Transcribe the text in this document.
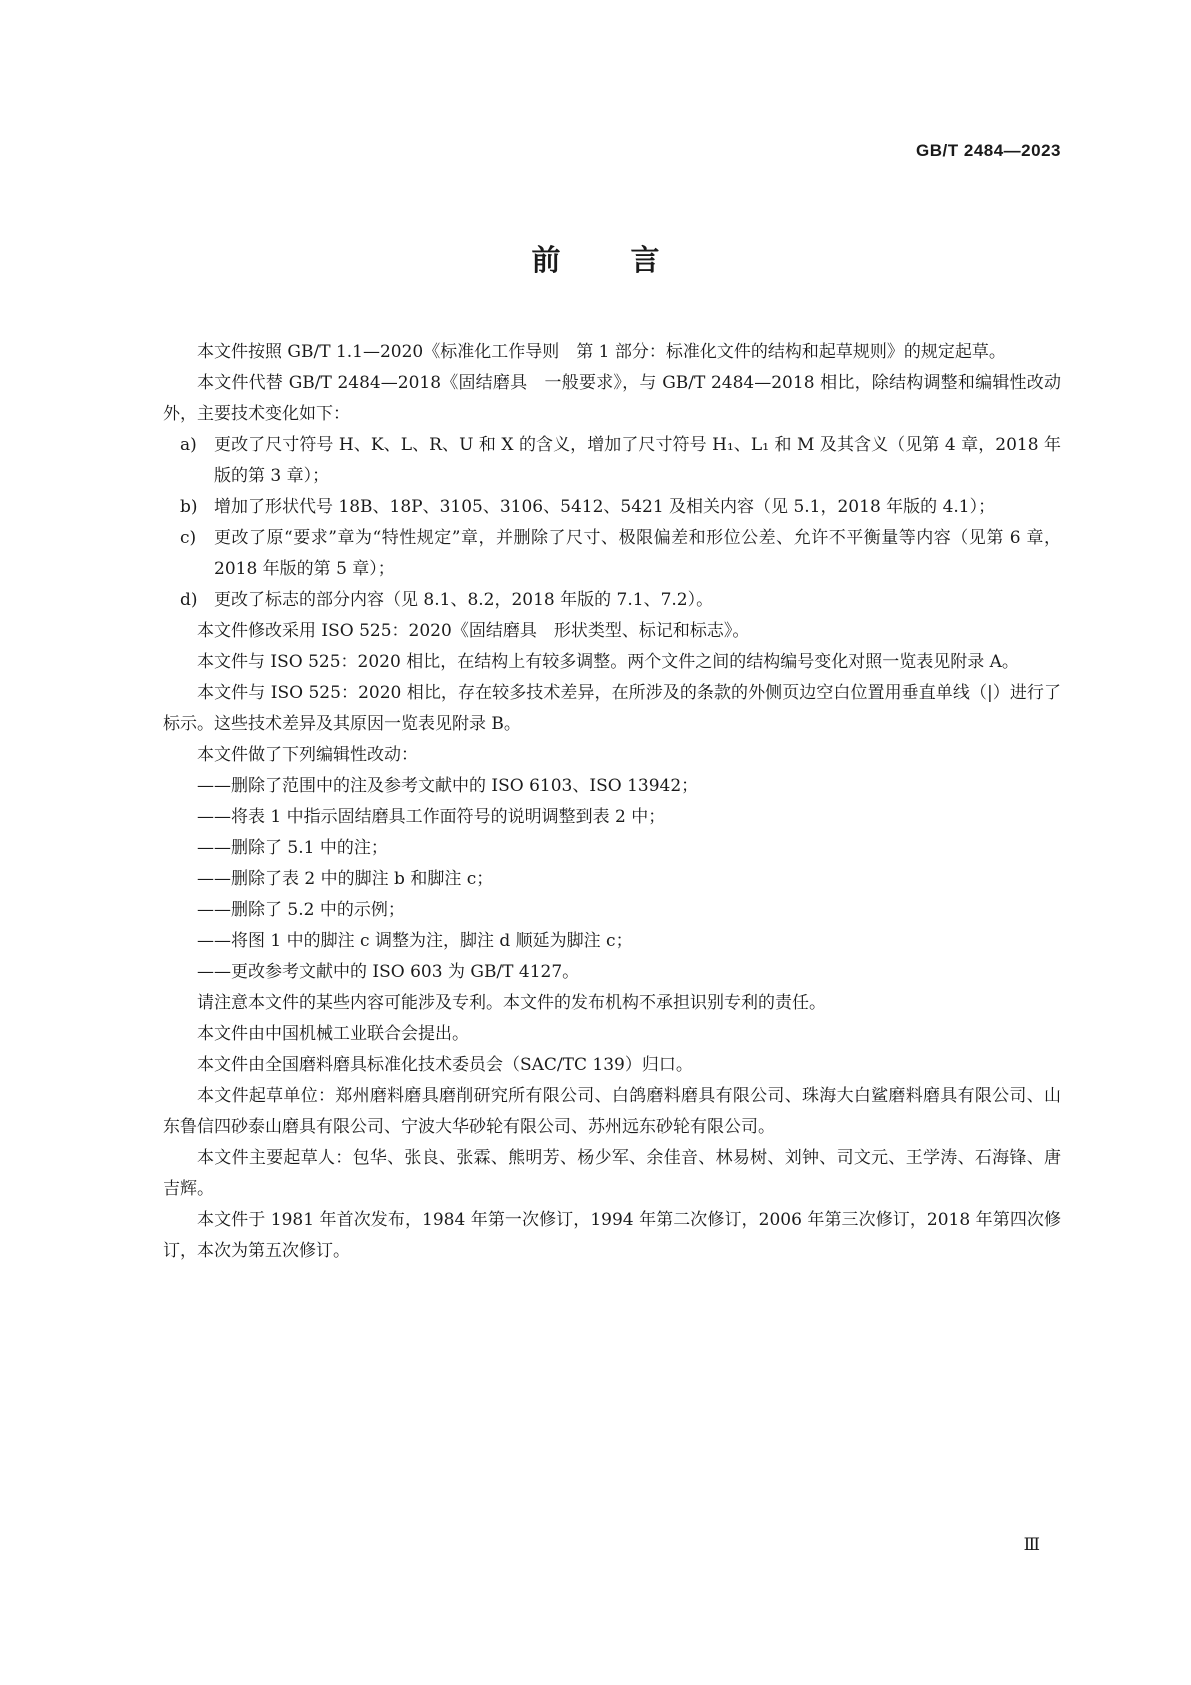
GB/T 2484—2023
前 言

本文件按照 GB/T 1.1—2020《标准化工作导则　第 1 部分：标准化文件的结构和起草规则》的规定起草。

本文件代替 GB/T 2484—2018《固结磨具　一般要求》，与 GB/T 2484—2018 相比，除结构调整和编辑性改动外，主要技术变化如下：

a) 更改了尺寸符号 H、K、L、R、U 和 X 的含义，增加了尺寸符号 H₁、L₁ 和 M 及其含义（见第 4 章，2018 年版的第 3 章）；

b) 增加了形状代号 18B、18P、3105、3106、5412、5421 及相关内容（见 5.1，2018 年版的 4.1）；

c) 更改了原“要求”章为“特性规定”章，并删除了尺寸、极限偏差和形位公差、允许不平衡量等内容（见第 6 章，2018 年版的第 5 章）；

d) 更改了标志的部分内容（见 8.1、8.2，2018 年版的 7.1、7.2）。

本文件修改采用 ISO 525：2020《固结磨具　形状类型、标记和标志》。

本文件与 ISO 525：2020 相比，在结构上有较多调整。两个文件之间的结构编号变化对照一览表见附录 A。

本文件与 ISO 525：2020 相比，存在较多技术差异，在所涉及的条款的外侧页边空白位置用垂直单线（|）进行了标示。这些技术差异及其原因一览表见附录 B。

本文件做了下列编辑性改动：

——删除了范围中的注及参考文献中的 ISO 6103、ISO 13942；

——将表 1 中指示固结磨具工作面符号的说明调整到表 2 中；

——删除了 5.1 中的注；

——删除了表 2 中的脚注 b 和脚注 c；

——删除了 5.2 中的示例；

——将图 1 中的脚注 c 调整为注，脚注 d 顺延为脚注 c；

——更改参考文献中的 ISO 603 为 GB/T 4127。

请注意本文件的某些内容可能涉及专利。本文件的发布机构不承担识别专利的责任。

本文件由中国机械工业联合会提出。

本文件由全国磨料磨具标准化技术委员会（SAC/TC 139）归口。

本文件起草单位：郑州磨料磨具磨削研究所有限公司、白鸽磨料磨具有限公司、珠海大白鲨磨料磨具有限公司、山东鲁信四砂泰山磨具有限公司、宁波大华砂轮有限公司、苏州远东砂轮有限公司。

本文件主要起草人：包华、张良、张霖、熊明芳、杨少军、余佳音、林易树、刘钟、司文元、王学涛、石海锋、唐吉辉。

本文件于 1981 年首次发布，1984 年第一次修订，1994 年第二次修订，2006 年第三次修订，2018 年第四次修订，本次为第五次修订。

Ⅲ
